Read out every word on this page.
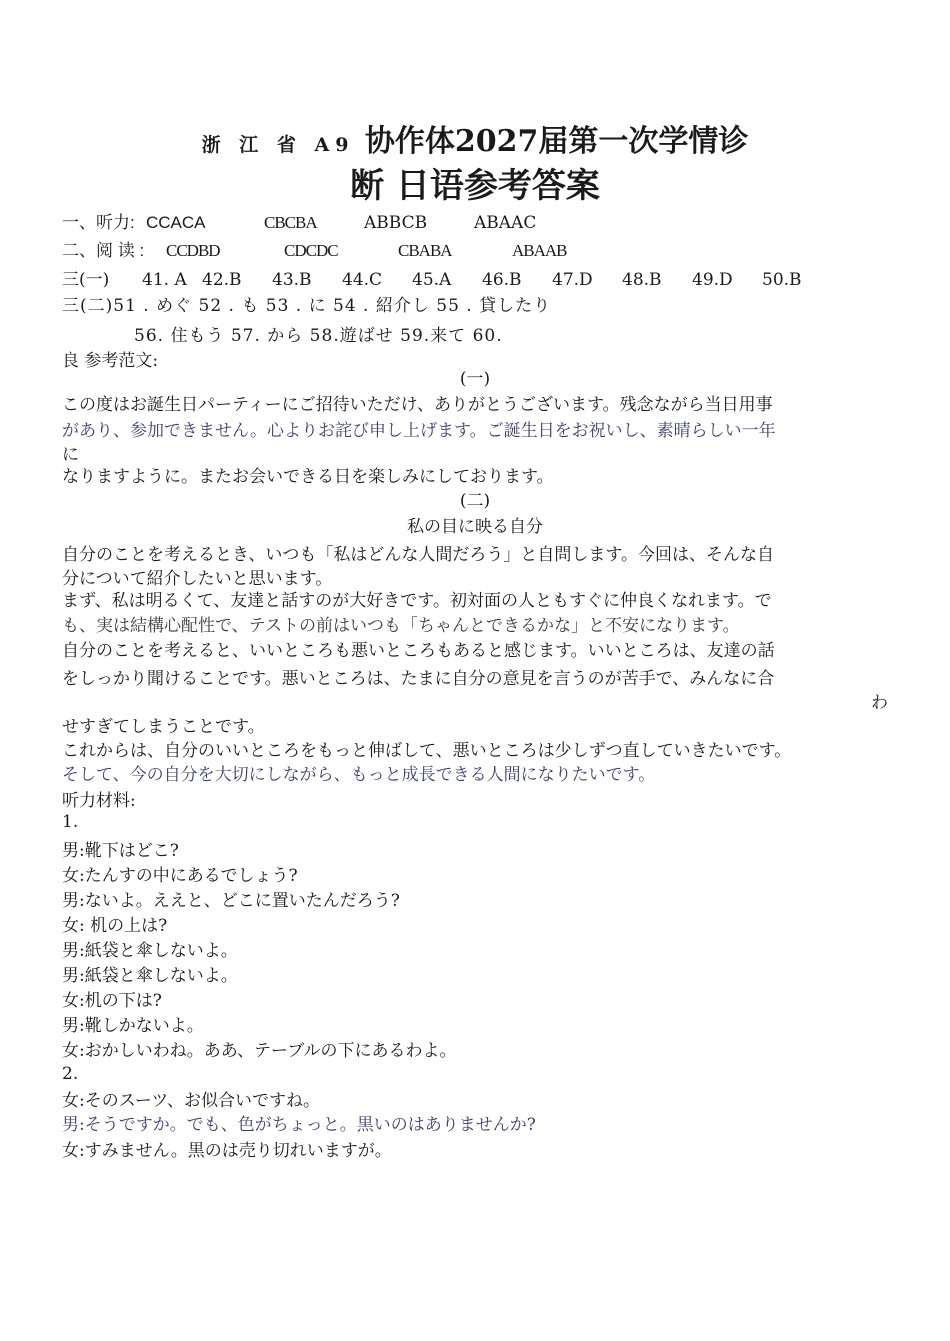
浙 江 省 A9 协作体2027届第一次学情诊
断 日语参考答案
一、听力: CCACA	CBCBA	ABBCB	ABAAC
二、阅 读 : CCDBD	CDCDC	CBABA	ABAAB
三(一) 41. A 42.B 43.B 44.C 45.A 46.B 47.D 48.B 49.D 50.B
三(二)51 . めぐ 52 . も 53 . に 54 . 紹介し 55 . 貸したり
56. 住もう 57. から 58.遊ばせ 59.来て 60.
良 参考范文:
(一)
この度はお誕生日パーティーにご招待いただけ、ありがとうございます。残念ながら当日用事
があり、参加できません。心よりお詫び申し上げます。ご誕生日をお祝いし、素晴らしい一年
に
なりますように。またお会いできる日を楽しみにしております。
(二)
私の目に映る自分
自分のことを考えるとき、いつも「私はどんな人間だろう」と自問します。今回は、そんな自
分について紹介したいと思います。
まず、私は明るくて、友達と話すのが大好きです。初対面の人ともすぐに仲良くなれます。で
も、実は結構心配性で、テストの前はいつも「ちゃんとできるかな」と不安になります。
自分のことを考えると、いいところも悪いところもあると感じます。いいところは、友達の話
をしっかり聞けることです。悪いところは、たまに自分の意見を言うのが苦手で、みんなに合
わ
せすぎてしまうことです。
これからは、自分のいいところをもっと伸ばして、悪いところは少しずつ直していきたいです。
そして、今の自分を大切にしながら、もっと成長できる人間になりたいです。
听力材料:
1.
男:靴下はどこ?
女:たんすの中にあるでしょう?
男:ないよ。ええと、どこに置いたんだろう?
女: 机の上は?
男:紙袋と傘しないよ。
男:紙袋と傘しないよ。
女:机の下は?
男:靴しかないよ。
女:おかしいわね。ああ、テーブルの下にあるわよ。
2.
女:そのスーツ、お似合いですね。
男:そうですか。でも、色がちょっと。黒いのはありませんか?
女:すみません。黒のは売り切れいますが。
